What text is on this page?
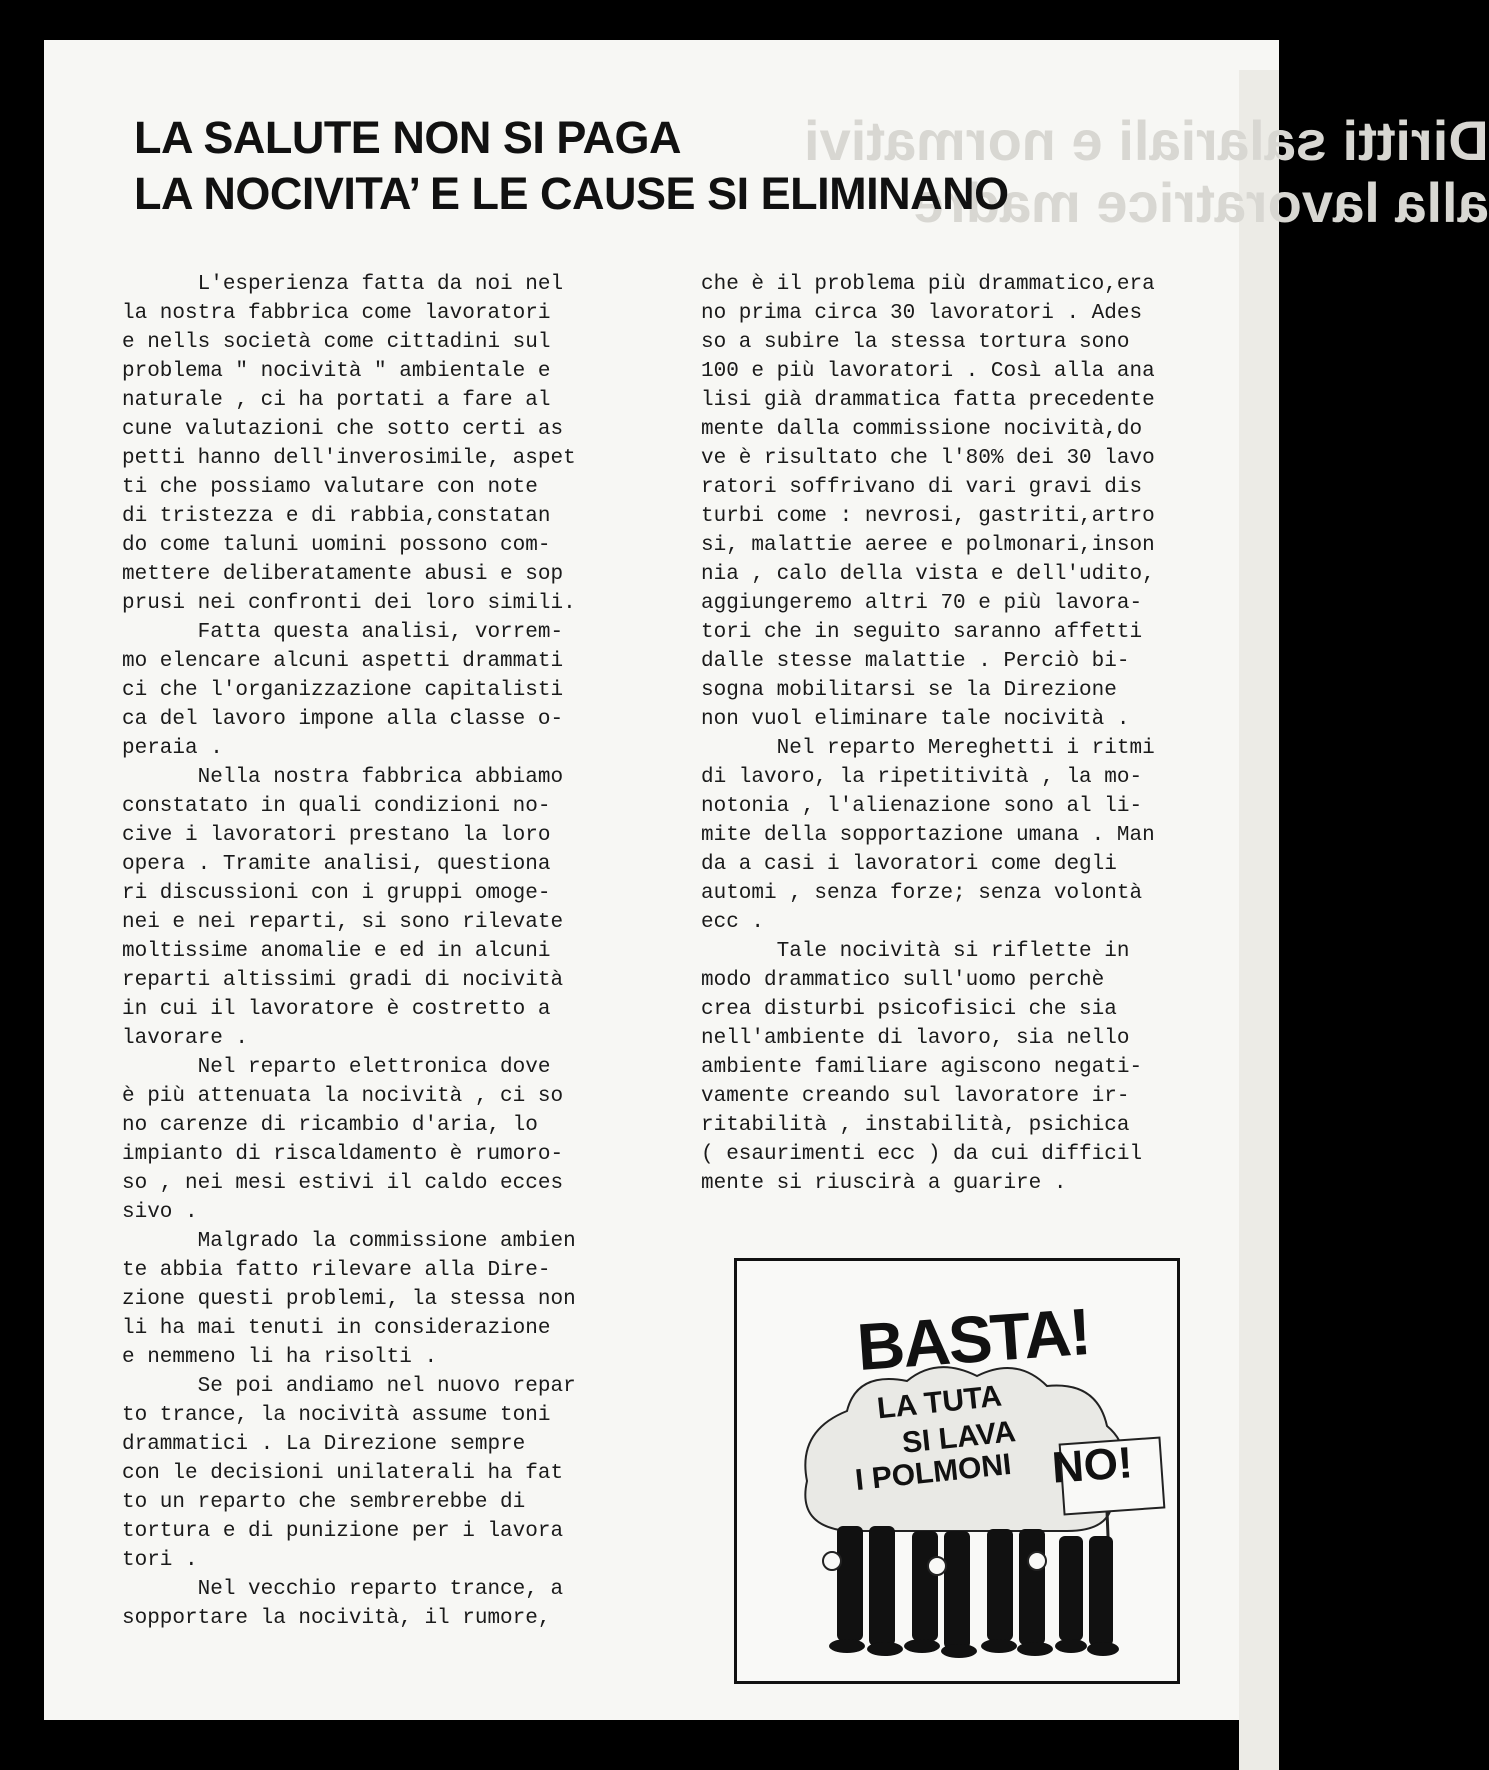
Diritti salariali e normativi
alla lavoratrice madre
LA SALUTE NON SI PAGA
LA NOCIVITA’ E LE CAUSE SI ELIMINANO

L'esperienza fatta da noi nel
la nostra fabbrica come lavoratori
e nells società come cittadini sul
problema " nocività " ambientale e
naturale , ci ha portati a fare al
cune valutazioni che sotto certi as
petti hanno dell'inverosimile, aspet
ti che possiamo valutare con note
di tristezza e di rabbia,constatan
do come taluni uomini possono com-
mettere deliberatamente abusi e sop
prusi nei confronti dei loro simili.

Fatta questa analisi, vorrem-
mo elencare alcuni aspetti drammati
ci che l'organizzazione capitalisti
ca del lavoro impone alla classe o-
peraia .

Nella nostra fabbrica abbiamo
constatato in quali condizioni no-
cive i lavoratori prestano la loro
opera . Tramite analisi, questiona
ri discussioni con i gruppi omoge-
nei e nei reparti, si sono rilevate
moltissime anomalie e ed in alcuni
reparti altissimi gradi di nocività
in cui il lavoratore è costretto a
lavorare .

Nel reparto elettronica dove
è più attenuata la nocività , ci so
no carenze di ricambio d'aria, lo
impianto di riscaldamento è rumoro-
so , nei mesi estivi il caldo ecces
sivo .

Malgrado la commissione ambien
te abbia fatto rilevare alla Dire-
zione questi problemi, la stessa non
li ha mai tenuti in considerazione
e nemmeno li ha risolti .

Se poi andiamo nel nuovo repar
to trance, la nocività assume toni
drammatici . La Direzione sempre
con le decisioni unilaterali ha fat
to un reparto che sembrerebbe di
tortura e di punizione per i lavora
tori .

Nel vecchio reparto trance, a
sopportare la nocività, il rumore,

che è il problema più drammatico,era
no prima circa 30 lavoratori . Ades
so a subire la stessa tortura sono
100 e più lavoratori . Così alla ana
lisi già drammatica fatta precedente
mente dalla commissione nocività,do
ve è risultato che l'80% dei 30 lavo
ratori soffrivano di vari gravi dis
turbi come : nevrosi, gastriti,artro
si, malattie aeree e polmonari,inson
nia , calo della vista e dell'udito,
aggiungeremo altri 70 e più lavora-
tori che in seguito saranno affetti
dalle stesse malattie . Perciò bi-
sogna mobilitarsi se la Direzione
non vuol eliminare tale nocività .

Nel reparto Mereghetti i ritmi
di lavoro, la ripetitività , la mo-
notonia , l'alienazione sono al li-
mite della sopportazione umana . Man
da a casi i lavoratori come degli
automi , senza forze; senza volontà
ecc .

Tale nocività si riflette in
modo drammatico sull'uomo perchè
crea disturbi psicofisici che sia
nell'ambiente di lavoro, sia nello
ambiente familiare agiscono negati-
vamente creando sul lavoratore ir-
ritabilità , instabilità, psichica
( esaurimenti ecc ) da cui difficil
mente si riuscirà a guarire .

BASTA!
LA TUTA
SI LAVA
I POLMONI NO!
